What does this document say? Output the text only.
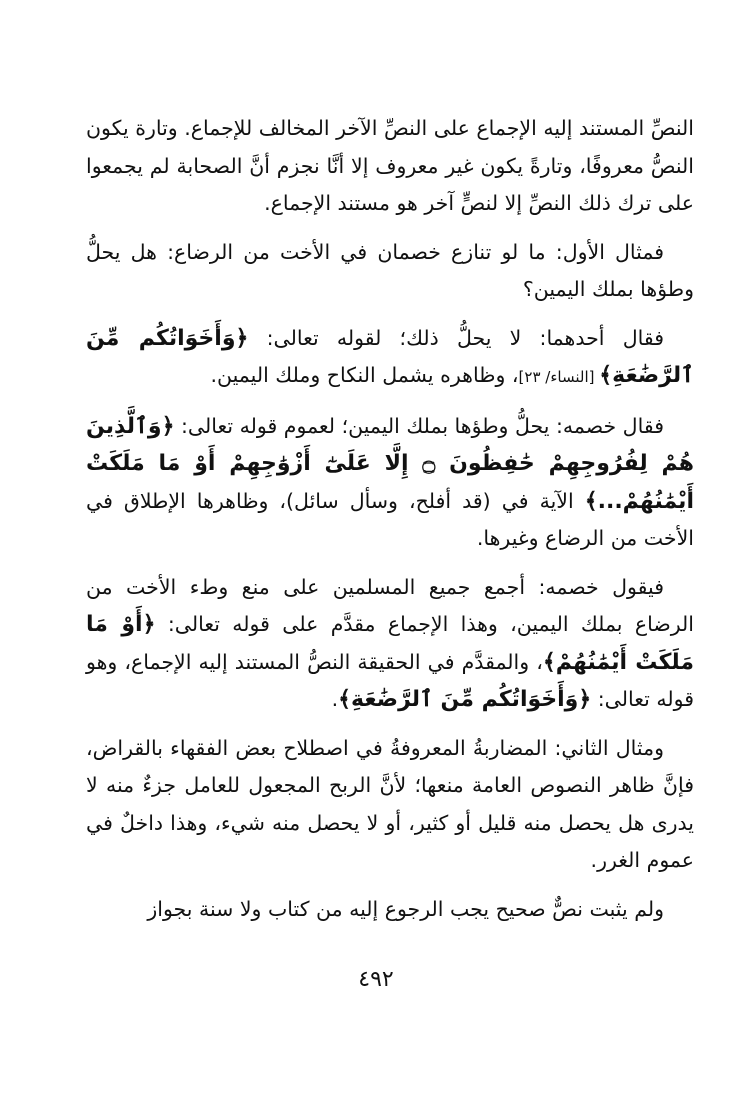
النصِّ المستند إليه الإجماع على النصِّ الآخر المخالف للإجماع. وتارة يكون النصُّ معروفًا، وتارةً يكون غير معروف إلا أنَّا نجزم أنَّ الصحابة لم يجمعوا على ترك ذلك النصِّ إلا لنصٍّ آخر هو مستند الإجماع.

فمثال الأول: ما لو تنازع خصمان في الأخت من الرضاع: هل يحلُّ وطؤها بملك اليمين؟

فقال أحدهما: لا يحلُّ ذلك؛ لقوله تعالى: ﴿وَأَخَوَاتُكُم مِّنَ ٱلرَّضَٰعَةِ﴾ [النساء/ ٢٣]، وظاهره يشمل النكاح وملك اليمين.

فقال خصمه: يحلُّ وطؤها بملك اليمين؛ لعموم قوله تعالى: ﴿وَٱلَّذِينَ هُمْ لِفُرُوجِهِمْ حَٰفِظُونَ ۝ إِلَّا عَلَىٰٓ أَزْوَٰجِهِمْ أَوْ مَا مَلَكَتْ أَيْمَٰنُهُمْ...﴾ الآية في (قد أفلح، وسأل سائل)، وظاهرها الإطلاق في الأخت من الرضاع وغيرها.

فيقول خصمه: أجمع جميع المسلمين على منع وطء الأخت من الرضاع بملك اليمين، وهذا الإجماع مقدَّم على قوله تعالى: ﴿أَوْ مَا مَلَكَتْ أَيْمَٰنُهُمْ﴾، والمقدَّم في الحقيقة النصُّ المستند إليه الإجماع، وهو قوله تعالى: ﴿وَأَخَوَاتُكُم مِّنَ ٱلرَّضَٰعَةِ﴾.

ومثال الثاني: المضاربةُ المعروفةُ في اصطلاح بعض الفقهاء بالقراض، فإنَّ ظاهر النصوص العامة منعها؛ لأنَّ الربح المجعول للعامل جزءٌ منه لا يدرى هل يحصل منه قليل أو كثير، أو لا يحصل منه شيء، وهذا داخلٌ في عموم الغرر.

ولم يثبت نصٌّ صحيح يجب الرجوع إليه من كتاب ولا سنة بجواز

٤٩٢
